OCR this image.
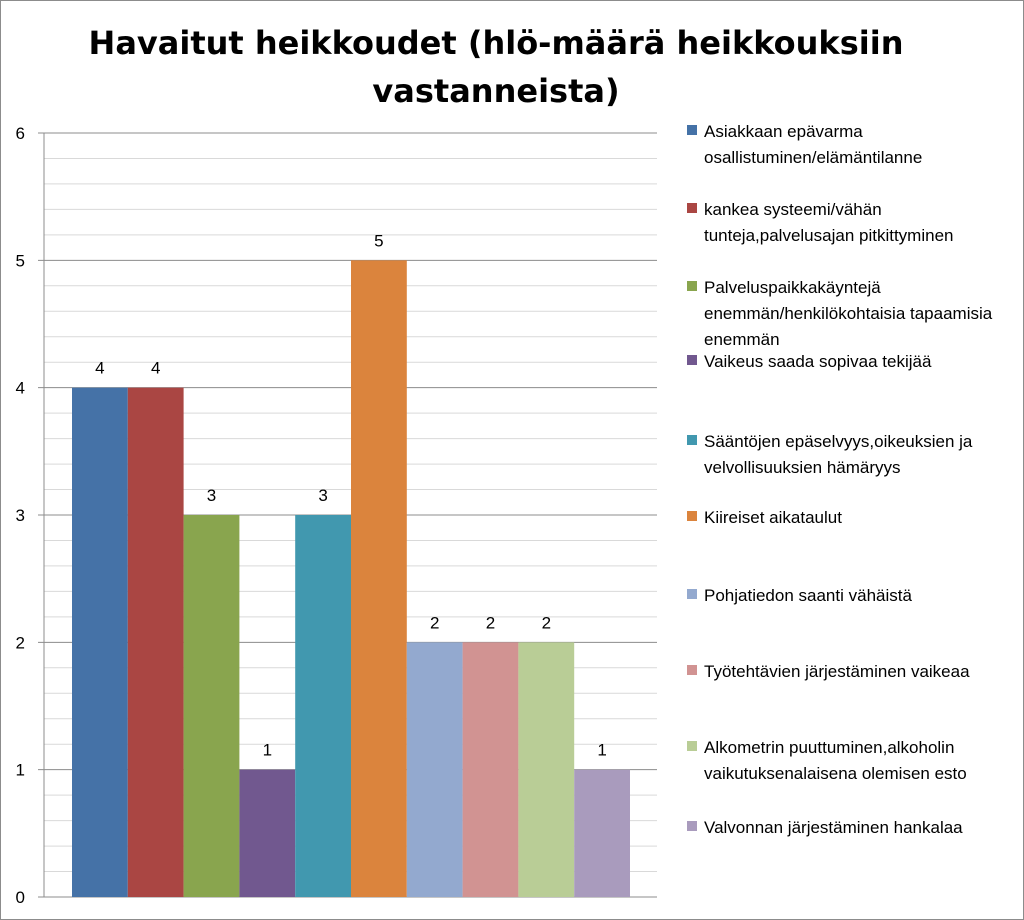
Havaitut heikkoudet (hlö-määrä heikkouksiin vastanneista)
0
1
2
3
4
5
6
4	4
3
1
3
5
2	2	2
1
Asiakkaan epävarma osallistuminen/elämäntilanne
kankea systeemi/vähän tunteja,palvelusajan pitkittyminen
Palveluspaikkakäyntejä enemmän/henkilökohtaisia tapaamisia enemmän
Vaikeus saada sopivaa tekijää
Sääntöjen epäselvyys,oikeuksien ja velvollisuuksien hämäryys
Kiireiset aikataulut
Pohjatiedon saanti vähäistä
Työtehtävien järjestäminen vaikeaa
Alkometrin puuttuminen,alkoholin vaikutuksenalaisena olemisen esto
Valvonnan järjestäminen hankalaa
